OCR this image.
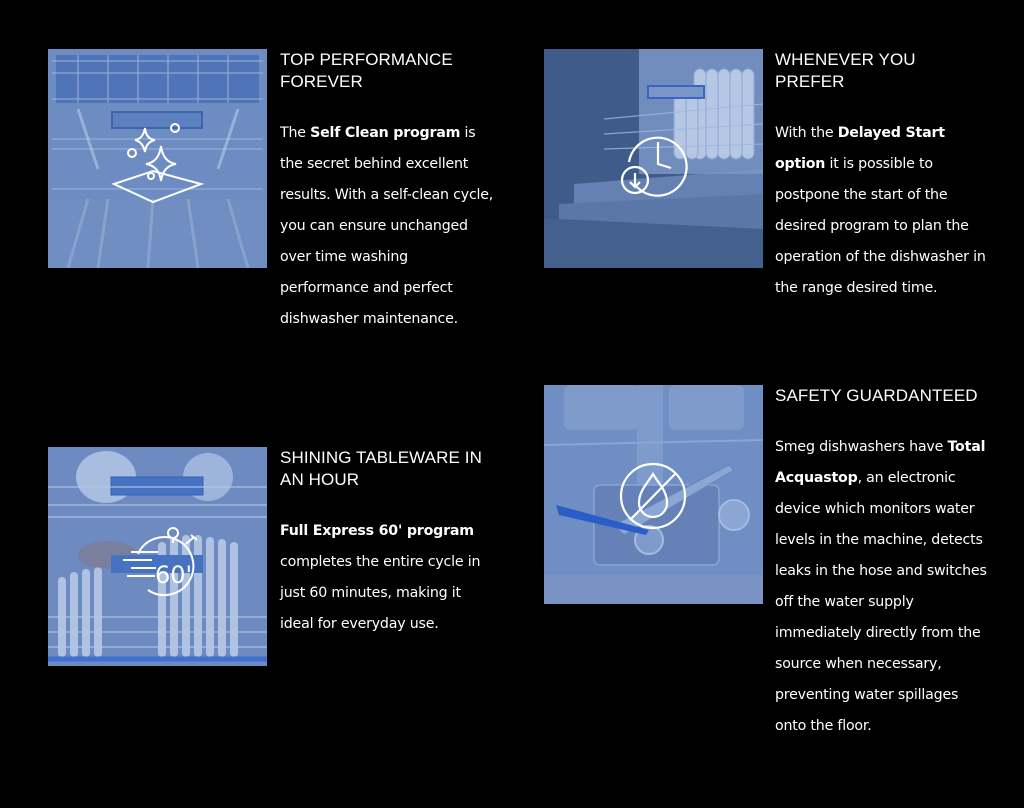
TOP PERFORMANCE FOREVER
The Self Clean program is the secret behind excellent results. With a self-clean cycle, you can ensure unchanged over time washing performance and perfect dishwasher maintenance.
WHENEVER YOU PREFER
With the Delayed Start option it is possible to postpone the start of the desired program to plan the operation of the dishwasher in the range desired time.
60'
SHINING TABLEWARE IN AN HOUR
Full Express 60' program completes the entire cycle in just 60 minutes, making it ideal for everyday use.
SAFETY GUARDANTEED
Smeg dishwashers have Total Acquastop, an electronic device which monitors water levels in the machine, detects leaks in the hose and switches off the water supply immediately directly from the source when necessary, preventing water spillages onto the floor.
